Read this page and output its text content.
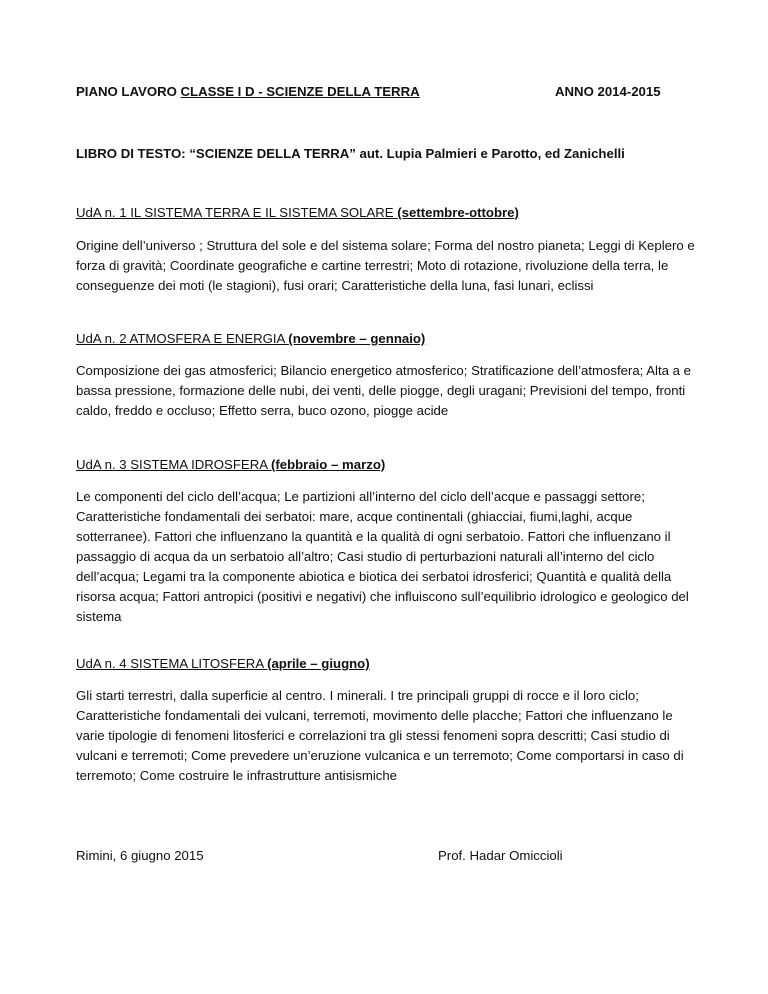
PIANO LAVORO CLASSE I D - SCIENZE DELLA TERRA	ANNO 2014-2015
LIBRO DI TESTO: “SCIENZE DELLA TERRA” aut. Lupia Palmieri e Parotto, ed Zanichelli
UdA n. 1 IL SISTEMA TERRA E IL SISTEMA SOLARE (settembre-ottobre)
Origine dell’universo ; Struttura del sole e del sistema solare; Forma del nostro pianeta; Leggi di Keplero e
forza di gravità; Coordinate geografiche e cartine terrestri; Moto di rotazione, rivoluzione della terra, le
conseguenze dei moti (le stagioni), fusi orari; Caratteristiche della luna, fasi lunari, eclissi
UdA n. 2 ATMOSFERA E ENERGIA (novembre – gennaio)
Composizione dei gas atmosferici; Bilancio energetico atmosferico; Stratificazione dell’atmosfera; Alta a e
bassa pressione, formazione delle nubi, dei venti, delle piogge, degli uragani; Previsioni del tempo, fronti
caldo, freddo e occluso; Effetto serra, buco ozono, piogge acide
UdA n. 3 SISTEMA IDROSFERA (febbraio – marzo)
Le componenti del ciclo dell’acqua; Le partizioni all’interno del ciclo dell’acque e passaggi settore;
Caratteristiche fondamentali dei serbatoi: mare, acque continentali (ghiacciai, fiumi,laghi, acque
sotterranee). Fattori che influenzano la quantità e la qualità di ogni serbatoio. Fattori che influenzano il
passaggio di acqua da un serbatoio all’altro; Casi studio di perturbazioni naturali all’interno del ciclo
dell’acqua; Legami tra la componente abiotica e biotica dei serbatoi idrosferici; Quantità e qualità della
risorsa acqua; Fattori antropici (positivi e negativi) che influiscono sull’equilibrio idrologico e geologico del
sistema
UdA n. 4 SISTEMA LITOSFERA (aprile – giugno)
Gli starti terrestri, dalla superficie al centro. I minerali. I tre principali gruppi di rocce e il loro ciclo;
Caratteristiche fondamentali dei vulcani, terremoti, movimento delle placche; Fattori che influenzano le
varie tipologie di fenomeni litosferici e correlazioni tra gli stessi fenomeni sopra descritti; Casi studio di
vulcani e terremoti; Come prevedere un’eruzione vulcanica e un terremoto; Come comportarsi in caso di
terremoto; Come costruire le infrastrutture antisismiche
Rimini, 6 giugno 2015	Prof. Hadar Omiccioli
